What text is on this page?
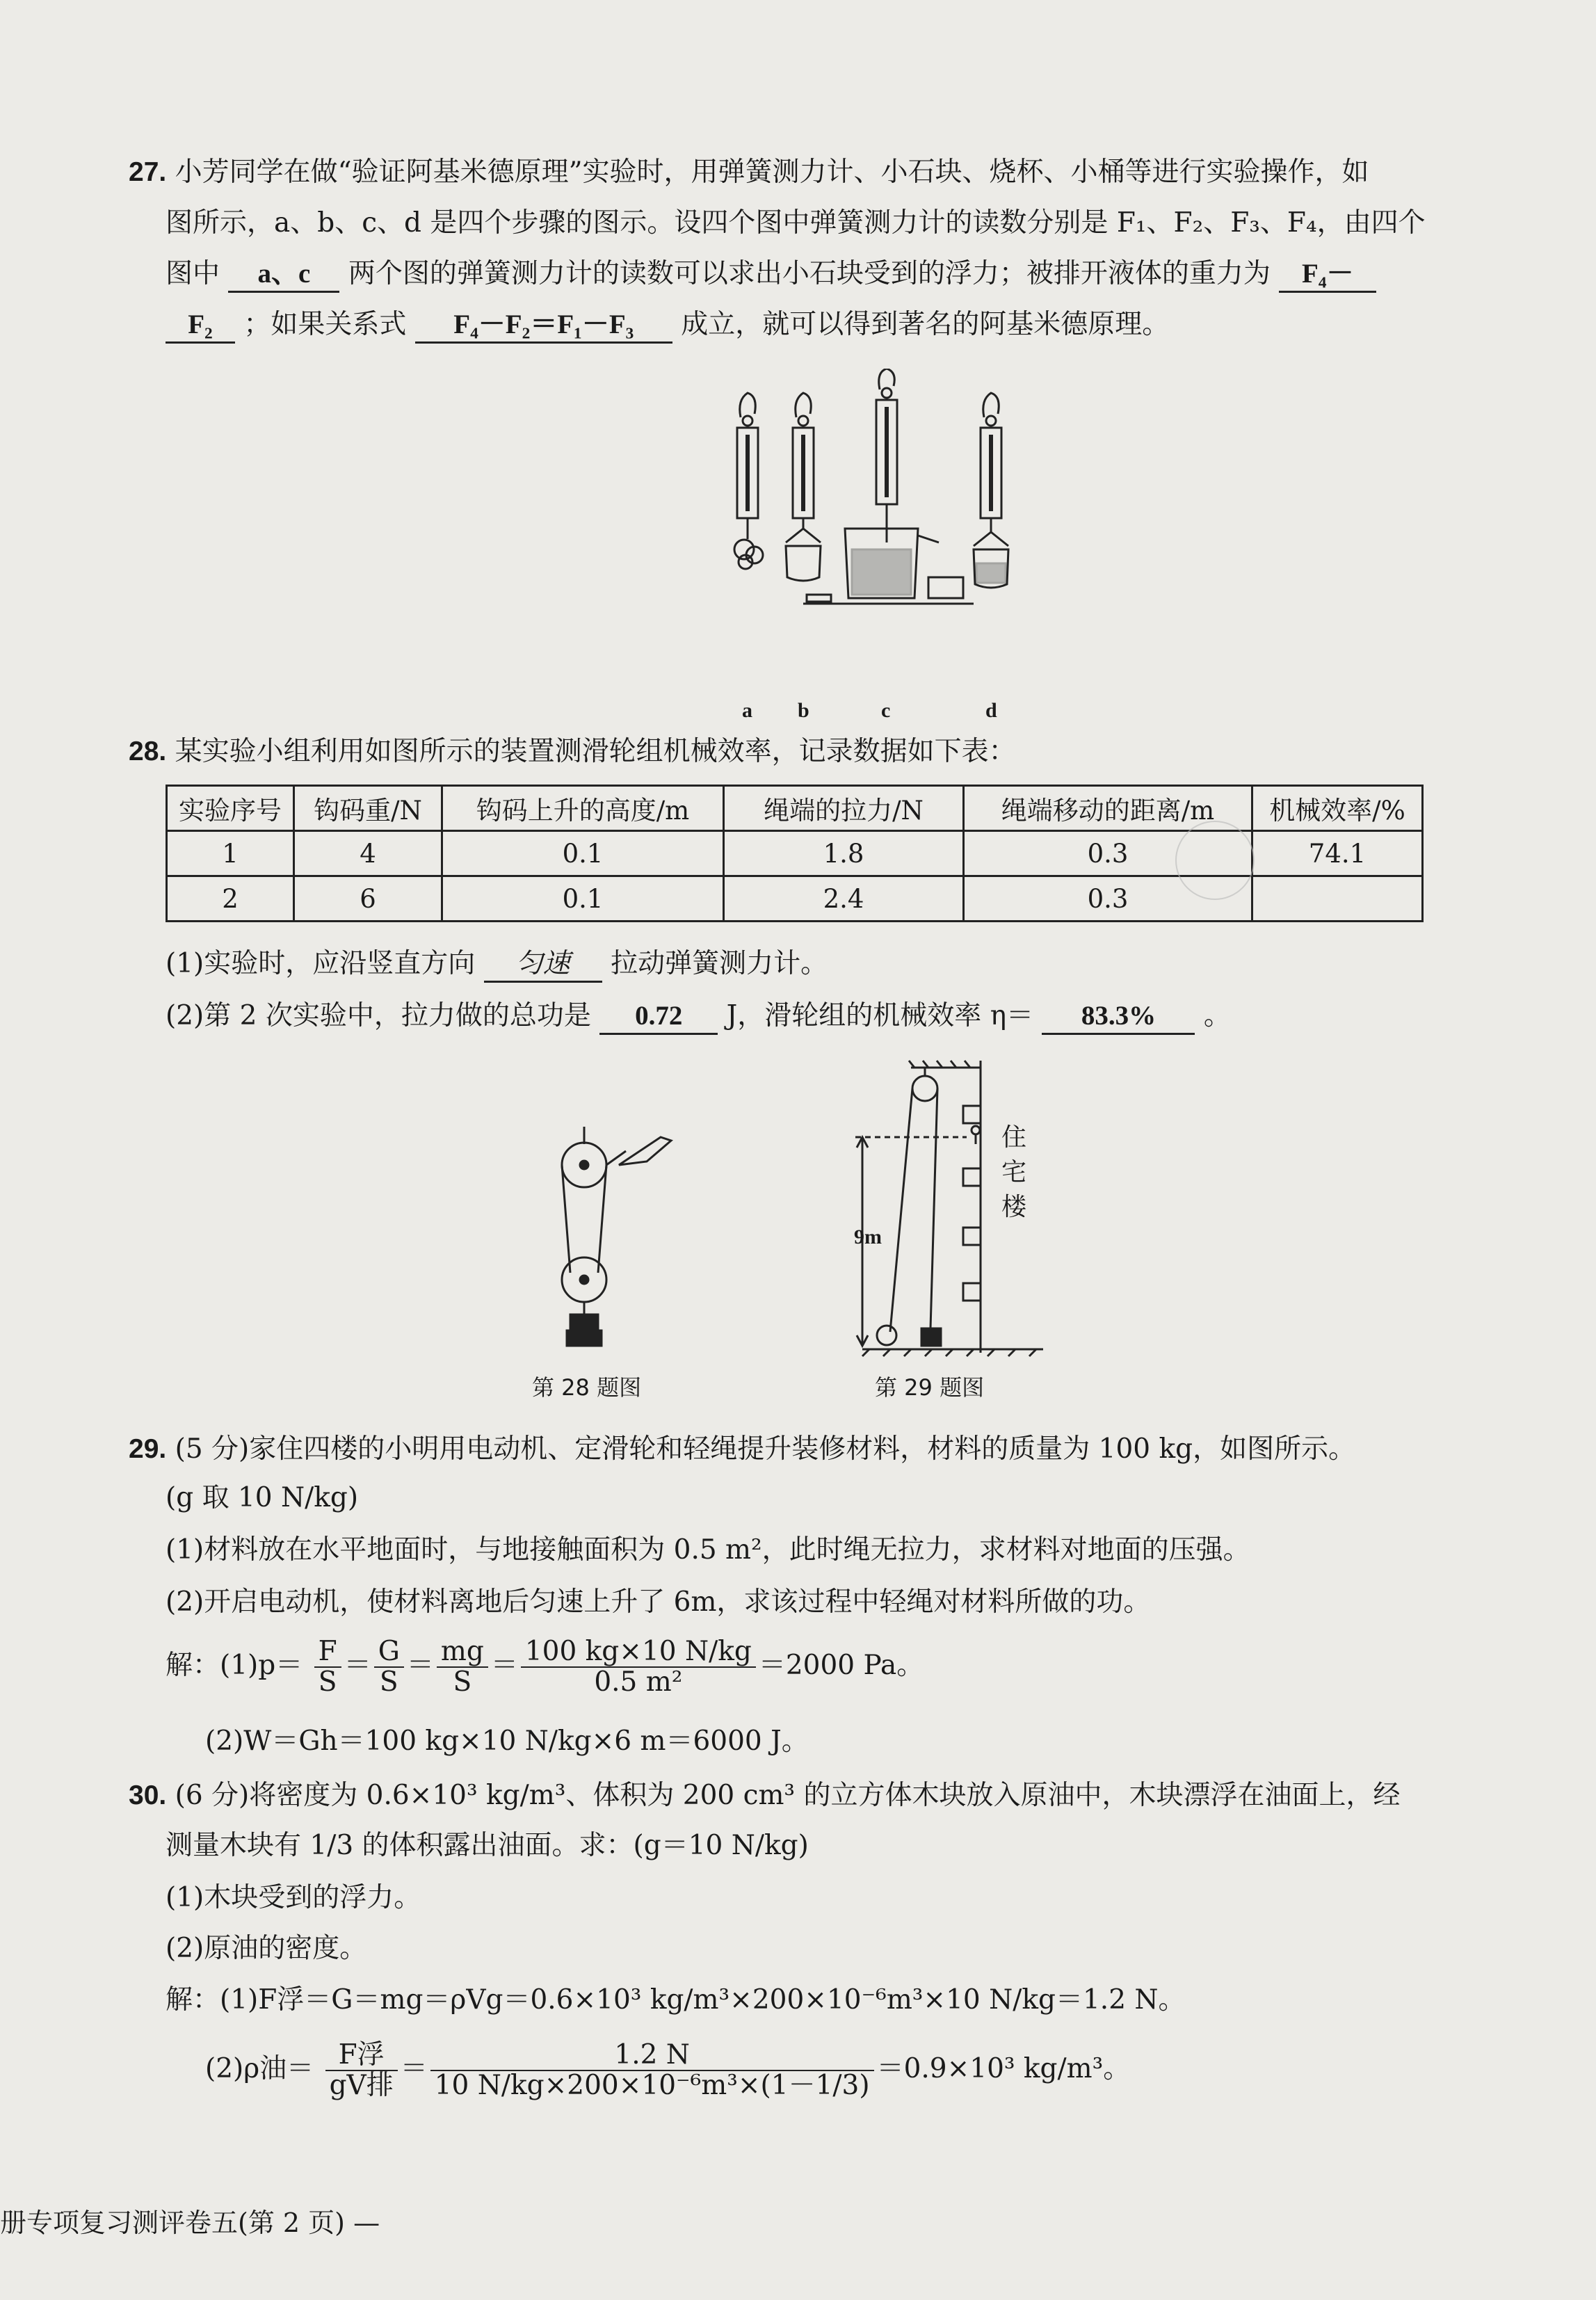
27. 小芳同学在做“验证阿基米德原理”实验时，用弹簧测力计、小石块、烧杯、小桶等进行实验操作，如
图所示，a、b、c、d 是四个步骤的图示。设四个图中弹簧测力计的读数分别是 F₁、F₂、F₃、F₄，由四个
图中 a、c 两个图的弹簧测力计的读数可以求出小石块受到的浮力；被排开液体的重力为 F₄－
F₂ ；如果关系式 F₄－F₂＝F₁－F₃ 成立，就可以得到著名的阿基米德原理。
a b	c	d
28. 某实验小组利用如图所示的装置测滑轮组机械效率，记录数据如下表：
实验序号	钩码重/N	钩码上升的高度/m	绳端的拉力/N	绳端移动的距离/m	机械效率/%
1	4	0.1	1.8	0.3	74.1
2	6	0.1	2.4	0.3	
(1)实验时，应沿竖直方向 匀速 拉动弹簧测力计。
(2)第 2 次实验中，拉力做的总功是 0.72 J，滑轮组的机械效率 η＝ 83.3% 。
第 28 题图
9m
住
宅
楼
第 29 题图
29. (5 分)家住四楼的小明用电动机、定滑轮和轻绳提升装修材料，材料的质量为 100 kg，如图所示。
(g 取 10 N/kg)
(1)材料放在水平地面时，与地接触面积为 0.5 m²，此时绳无拉力，求材料对地面的压强。
(2)开启电动机，使材料离地后匀速上升了 6m，求该过程中轻绳对材料所做的功。
解：$(1)p= \frac{F}{S} = \frac{G}{S} = \frac{mg}{S} = \frac{100 kg\times 10 N/kg}{\text{0.5 m²}} =2000$ Pa。
(2)W＝Gh＝100 kg×10 N/kg×6 m＝6000 J。
30. (6 分)将密度为 0.6×10³ kg/m³、体积为 200 cm³ 的立方体木块放入原油中，木块漂浮在油面上，经
测量木块有 1/3 的体积露出油面。求：(g＝10 N/kg)
(1)木块受到的浮力。
(2)原油的密度。
解：(1)F浮＝G＝mg＝ρVg＝0.6×10³ kg/m³×200×10⁻⁶m³×10 N/kg＝1.2 N。
(2)ρ油＝ $\frac{\text{F浮}}{\text{gV排}} = \frac{1.2 N}{\text{10 N/kg×200×10⁻⁶m³×(1－1/3)}} =0.9\times 10^3$ kg/m³。
册专项复习测评卷五(第 2 页) —
